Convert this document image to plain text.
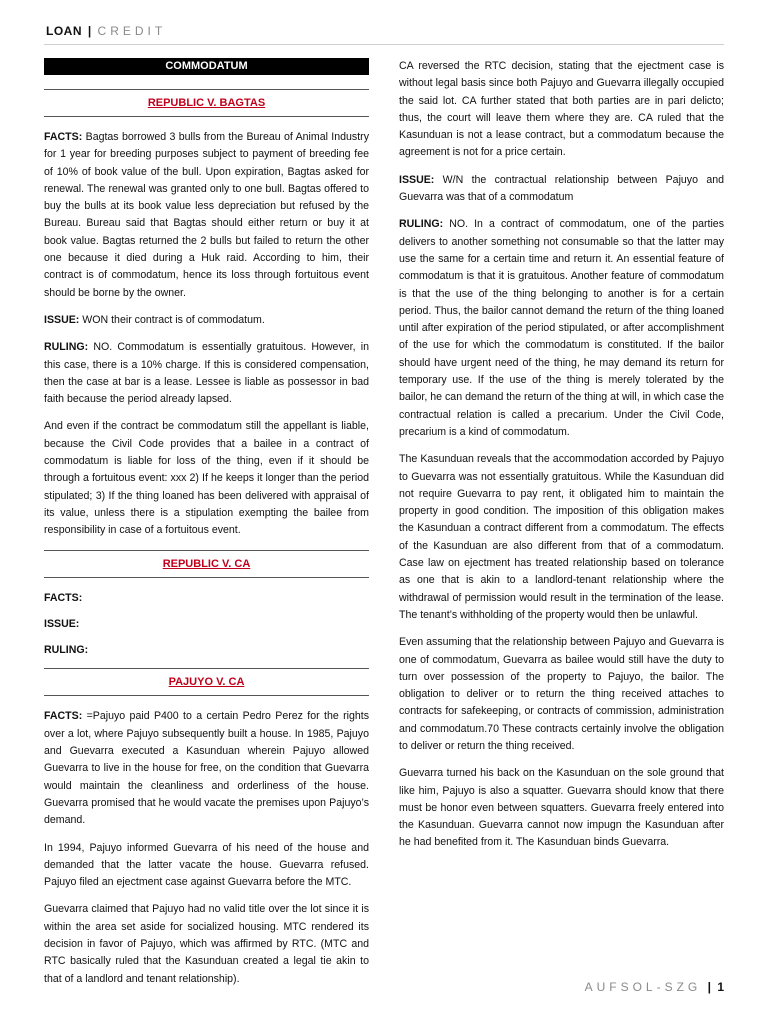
LOAN | CREDIT
COMMODATUM
REPUBLIC V. BAGTAS

FACTS: Bagtas borrowed 3 bulls from the Bureau of Animal Industry for 1 year for breeding purposes subject to payment of breeding fee of 10% of book value of the bull. Upon expiration, Bagtas asked for renewal. The renewal was granted only to one bull. Bagtas offered to buy the bulls at its book value less depreciation but refused by the Bureau. Bureau said that Bagtas should either return or buy it at book value. Bagtas returned the 2 bulls but failed to return the other one because it died during a Huk raid. According to him, their contract is of commodatum, hence its loss through fortuitous event should be borne by the owner.

ISSUE: WON their contract is of commodatum.

RULING: NO. Commodatum is essentially gratuitous. However, in this case, there is a 10% charge. If this is considered compensation, then the case at bar is a lease. Lessee is liable as possessor in bad faith because the period already lapsed.

And even if the contract be commodatum still the appellant is liable, because the Civil Code provides that a bailee in a contract of commodatum is liable for loss of the thing, even if it should be through a fortuitous event: xxx 2) If he keeps it longer than the period stipulated; 3) If the thing loaned has been delivered with appraisal of its value, unless there is a stipulation exempting the bailee from responsibility in case of a fortuitous event.

REPUBLIC V. CA
FACTS:
ISSUE:
RULING:
PAJUYO V. CA

FACTS: =Pajuyo paid P400 to a certain Pedro Perez for the rights over a lot, where Pajuyo subsequently built a house. In 1985, Pajuyo and Guevarra executed a Kasunduan wherein Pajuyo allowed Guevarra to live in the house for free, on the condition that Guevarra would maintain the cleanliness and orderliness of the house. Guevarra promised that he would vacate the premises upon Pajuyo’s demand.

In 1994, Pajuyo informed Guevarra of his need of the house and demanded that the latter vacate the house. Guevarra refused. Pajuyo filed an ejectment case against Guevarra before the MTC.

Guevarra claimed that Pajuyo had no valid title over the lot since it is within the area set aside for socialized housing. MTC rendered its decision in favor of Pajuyo, which was affirmed by RTC. (MTC and RTC basically ruled that the Kasunduan created a legal tie akin to that of a landlord and tenant relationship).

CA reversed the RTC decision, stating that the ejectment case is without legal basis since both Pajuyo and Guevarra illegally occupied the said lot. CA further stated that both parties are in pari delicto; thus, the court will leave them where they are. CA ruled that the Kasunduan is not a lease contract, but a commodatum because the agreement is not for a price certain.

ISSUE: W/N the contractual relationship between Pajuyo and Guevarra was that of a commodatum

RULING: NO. In a contract of commodatum, one of the parties delivers to another something not consumable so that the latter may use the same for a certain time and return it. An essential feature of commodatum is that it is gratuitous. Another feature of commodatum is that the use of the thing belonging to another is for a certain period. Thus, the bailor cannot demand the return of the thing loaned until after expiration of the period stipulated, or after accomplishment of the use for which the commodatum is constituted. If the bailor should have urgent need of the thing, he may demand its return for temporary use. If the use of the thing is merely tolerated by the bailor, he can demand the return of the thing at will, in which case the contractual relation is called a precarium. Under the Civil Code, precarium is a kind of commodatum.

The Kasunduan reveals that the accommodation accorded by Pajuyo to Guevarra was not essentially gratuitous. While the Kasunduan did not require Guevarra to pay rent, it obligated him to maintain the property in good condition. The imposition of this obligation makes the Kasunduan a contract different from a commodatum. The effects of the Kasunduan are also different from that of a commodatum. Case law on ejectment has treated relationship based on tolerance as one that is akin to a landlord-tenant relationship where the withdrawal of permission would result in the termination of the lease. The tenant’s withholding of the property would then be unlawful.

Even assuming that the relationship between Pajuyo and Guevarra is one of commodatum, Guevarra as bailee would still have the duty to turn over possession of the property to Pajuyo, the bailor. The obligation to deliver or to return the thing received attaches to contracts for safekeeping, or contracts of commission, administration and commodatum.70 These contracts certainly involve the obligation to deliver or return the thing received.

Guevarra turned his back on the Kasunduan on the sole ground that like him, Pajuyo is also a squatter. Guevarra should know that there must be honor even between squatters. Guevarra freely entered into the Kasunduan. Guevarra cannot now impugn the Kasunduan after he had benefited from it. The Kasunduan binds Guevarra.

AUFSOL-SZG | 1
